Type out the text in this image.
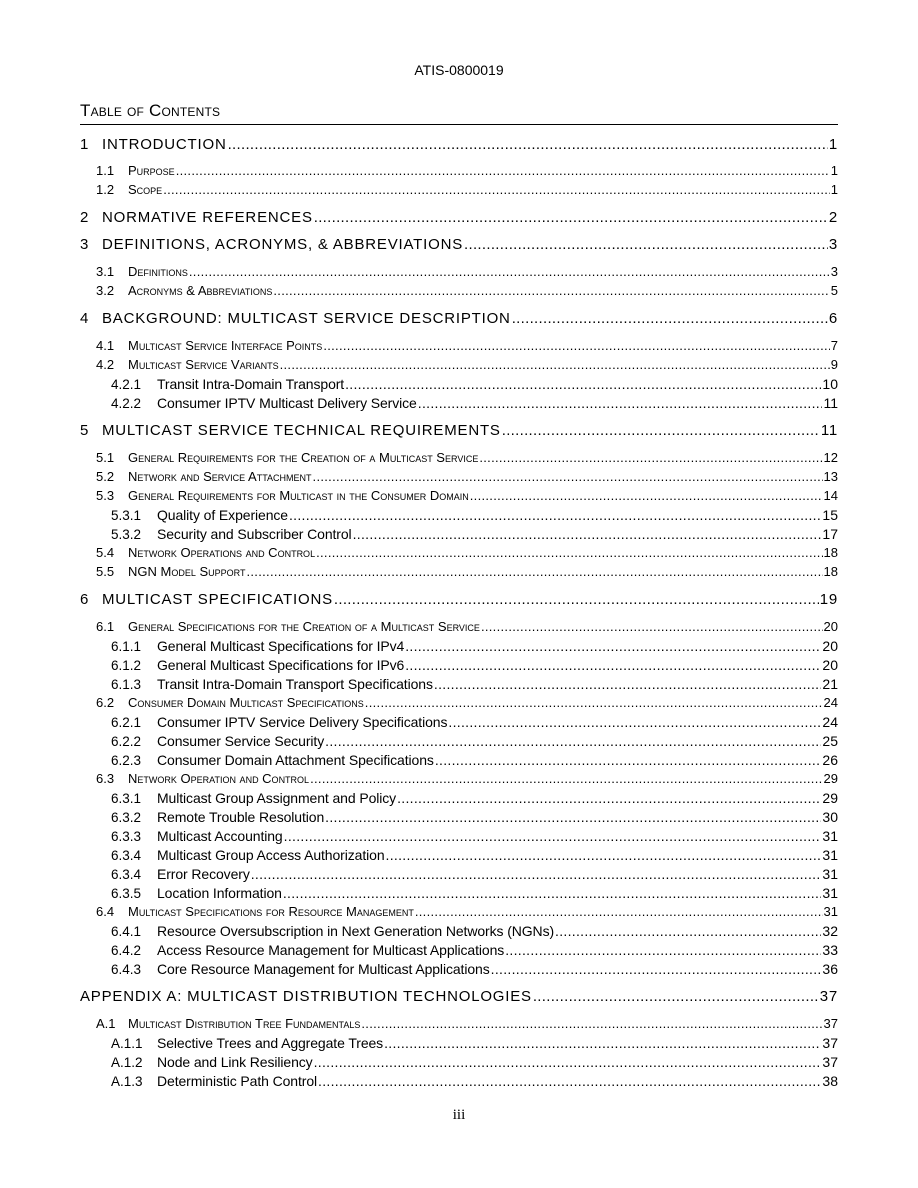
ATIS-0800019
Table of Contents
1 INTRODUCTION .....	1
1.1	Purpose .....	1
1.2	Scope .....	1
2 NORMATIVE REFERENCES .....	2
3 DEFINITIONS, ACRONYMS, & ABBREVIATIONS .....	3
3.1	Definitions .....	3
3.2	Acronyms & Abbreviations .....	5
4 BACKGROUND: MULTICAST SERVICE DESCRIPTION .....	6
4.1	Multicast Service Interface Points .....	7
4.2	Multicast Service Variants .....	9
4.2.1	Transit Intra-Domain Transport .....	10
4.2.2	Consumer IPTV Multicast Delivery Service .....	11
5 MULTICAST SERVICE TECHNICAL REQUIREMENTS .....	11
5.1	General Requirements for the Creation of a Multicast Service .....	12
5.2	Network and Service Attachment .....	13
5.3	General Requirements for Multicast in the Consumer Domain .....	14
5.3.1	Quality of Experience .....	15
5.3.2	Security and Subscriber Control .....	17
5.4	Network Operations and Control .....	18
5.5	NGN Model Support .....	18
6 MULTICAST SPECIFICATIONS .....	19
6.1	General Specifications for the Creation of a Multicast Service .....	20
6.1.1	General Multicast Specifications for IPv4 .....	20
6.1.2	General Multicast Specifications for IPv6 .....	20
6.1.3	Transit Intra-Domain Transport Specifications .....	21
6.2	Consumer Domain Multicast Specifications .....	24
6.2.1	Consumer IPTV Service Delivery Specifications .....	24
6.2.2	Consumer Service Security .....	25
6.2.3	Consumer Domain Attachment Specifications .....	26
6.3	Network Operation and Control .....	29
6.3.1	Multicast Group Assignment and Policy .....	29
6.3.2	Remote Trouble Resolution .....	30
6.3.3	Multicast Accounting .....	31
6.3.4	Multicast Group Access Authorization .....	31
6.3.4	Error Recovery .....	31
6.3.5	Location Information .....	31
6.4	Multicast Specifications for Resource Management .....	31
6.4.1	Resource Oversubscription in Next Generation Networks (NGNs) .....	32
6.4.2	Access Resource Management for Multicast Applications .....	33
6.4.3	Core Resource Management for Multicast Applications .....	36
APPENDIX A: MULTICAST DISTRIBUTION TECHNOLOGIES .....	37
A.1 Multicast Distribution Tree Fundamentals .....	37
A.1.1	Selective Trees and Aggregate Trees .....	37
A.1.2	Node and Link Resiliency .....	37
A.1.3	Deterministic Path Control .....	38
iii
